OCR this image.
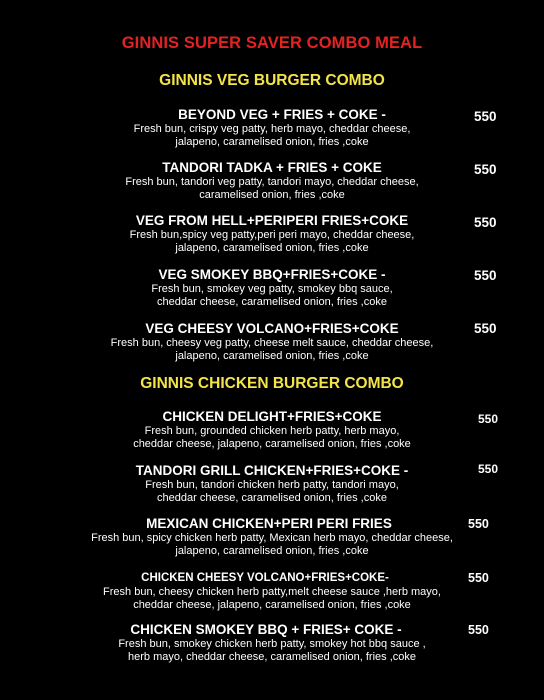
GINNIS SUPER SAVER COMBO MEAL
GINNIS VEG BURGER COMBO
BEYOND VEG + FRIES + COKE -
Fresh bun, crispy veg patty, herb mayo, cheddar cheese,
jalapeno, caramelised onion, fries ,coke
550
TANDORI TADKA + FRIES + COKE
Fresh bun, tandori veg patty, tandori mayo, cheddar cheese,
caramelised onion, fries ,coke
550
VEG FROM HELL+PERIPERI FRIES+COKE
Fresh bun,spicy veg patty,peri peri mayo, cheddar cheese,
jalapeno, caramelised onion, fries ,coke
550
VEG SMOKEY BBQ+FRIES+COKE -
Fresh bun, smokey veg patty, smokey bbq sauce,
cheddar cheese, caramelised onion, fries ,coke
550
VEG CHEESY VOLCANO+FRIES+COKE
Fresh bun, cheesy veg patty, cheese melt sauce, cheddar cheese,
jalapeno, caramelised onion, fries ,coke
550
GINNIS CHICKEN BURGER COMBO
CHICKEN DELIGHT+FRIES+COKE
Fresh bun, grounded chicken herb patty, herb mayo,
cheddar cheese, jalapeno, caramelised onion, fries ,coke
550
TANDORI GRILL CHICKEN+FRIES+COKE -
Fresh bun, tandori chicken herb patty, tandori mayo,
cheddar cheese, caramelised onion, fries ,coke
550
MEXICAN CHICKEN+PERI PERI FRIES
Fresh bun, spicy chicken herb patty, Mexican herb mayo, cheddar cheese,
jalapeno, caramelised onion, fries ,coke
550
CHICKEN CHEESY VOLCANO+FRIES+COKE-
Fresh bun, cheesy chicken herb patty,melt cheese sauce ,herb mayo,
cheddar cheese, jalapeno, caramelised onion, fries ,coke
550
CHICKEN SMOKEY BBQ + FRIES+ COKE -
Fresh bun, smokey chicken herb patty, smokey hot bbq sauce ,
herb mayo, cheddar cheese, caramelised onion, fries ,coke
550
